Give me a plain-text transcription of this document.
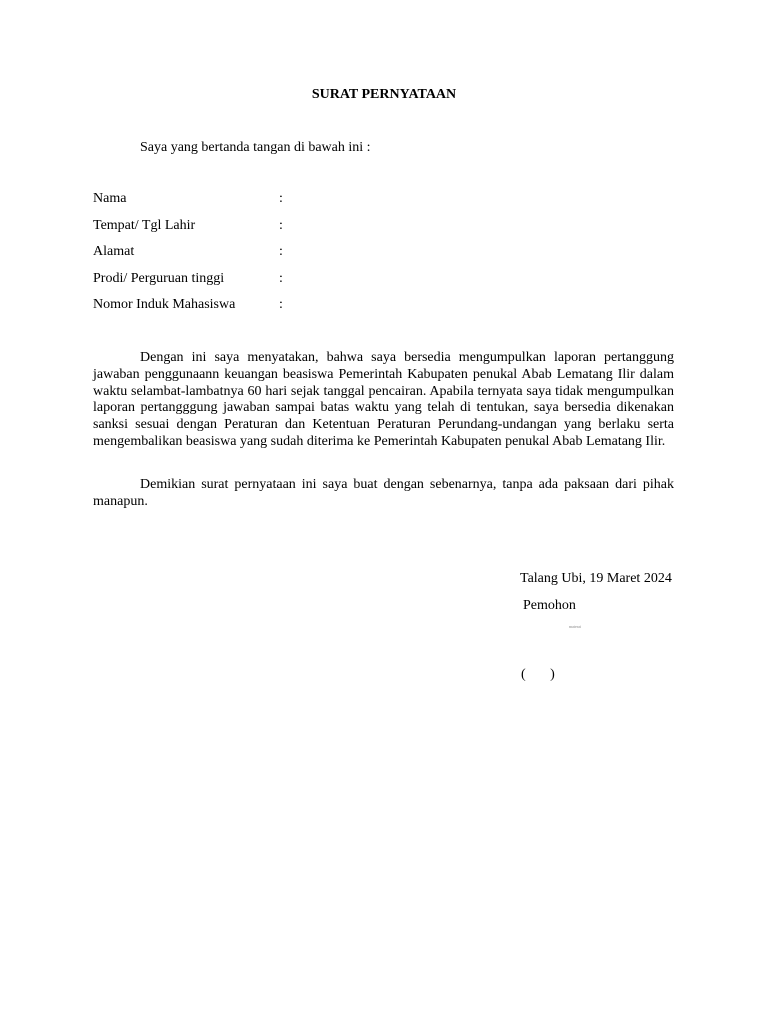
SURAT PERNYATAAN
Saya yang bertanda tangan di bawah ini :
Nama	:
Tempat/ Tgl Lahir	:
Alamat	:
Prodi/ Perguruan tinggi	:
Nomor Induk Mahasiswa	:

Dengan ini saya menyatakan, bahwa saya bersedia mengumpulkan laporan pertanggung jawaban penggunaann keuangan beasiswa Pemerintah Kabupaten penukal Abab Lematang Ilir dalam waktu selambat-lambatnya 60 hari sejak tanggal pencairan. Apabila ternyata saya tidak mengumpulkan laporan pertangggung jawaban sampai batas waktu yang telah di tentukan, saya bersedia dikenakan sanksi sesuai dengan Peraturan dan Ketentuan Peraturan Perundang-undangan yang berlaku serta mengembalikan beasiswa yang sudah diterima ke Pemerintah Kabupaten penukal Abab Lematang Ilir.

Demikian surat pernyataan ini saya buat dengan sebenarnya, tanpa ada paksaan dari pihak manapun.

Talang Ubi, 19 Maret 2024
Pemohon
materai
(       )
